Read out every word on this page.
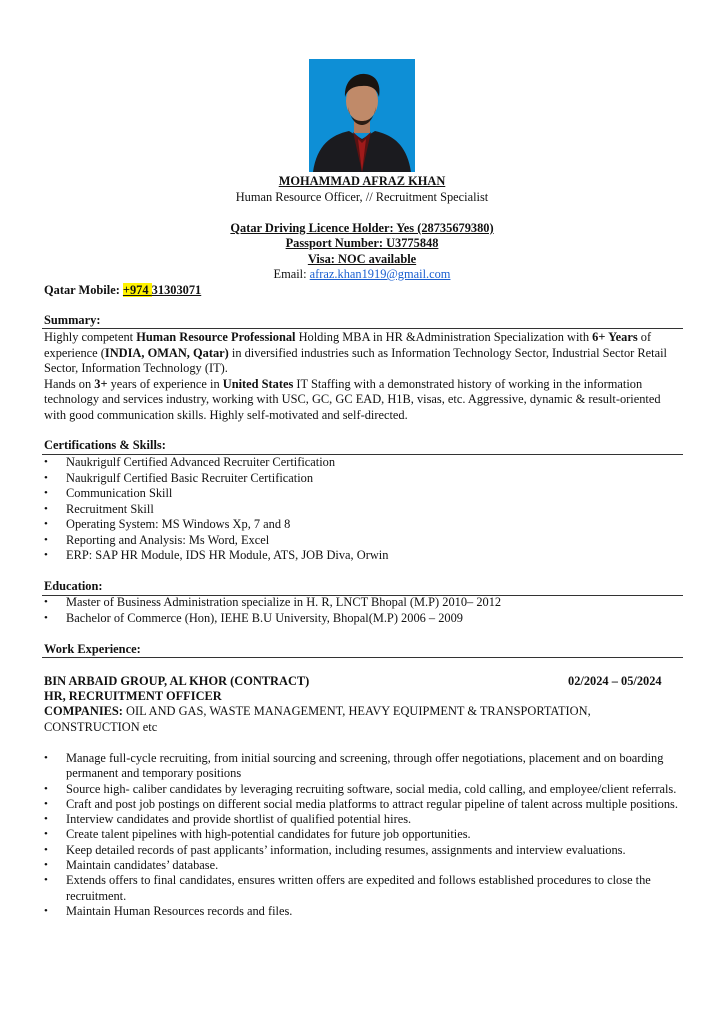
MOHAMMAD AFRAZ KHAN
Human Resource Officer, // Recruitment Specialist
Qatar Driving Licence Holder: Yes (28735679380)
Passport Number: U3775848
Visa: NOC available
Email: afraz.khan1919@gmail.com
Qatar Mobile: +974 31303071
Summary:

Highly competent Human Resource Professional Holding MBA in HR &Administration Specialization with 6+ Years of experience (INDIA, OMAN, Qatar) in diversified industries such as Information Technology Sector, Industrial Sector Retail Sector, Information Technology (IT).

Hands on 3+ years of experience in United States IT Staffing with a demonstrated history of working in the information technology and services industry, working with USC, GC, GC EAD, H1B, visas, etc. Aggressive, dynamic & result-oriented with good communication skills. Highly self-motivated and self-directed.

Certifications & Skills:
• Naukrigulf Certified Advanced Recruiter Certification
• Naukrigulf Certified Basic Recruiter Certification
• Communication Skill
• Recruitment Skill
• Operating System: MS Windows Xp, 7 and 8
• Reporting and Analysis: Ms Word, Excel
• ERP: SAP HR Module, IDS HR Module, ATS, JOB Diva, Orwin
Education:
• Master of Business Administration specialize in H. R, LNCT Bhopal (M.P) 2010– 2012
• Bachelor of Commerce (Hon), IEHE B.U University, Bhopal(M.P) 2006 – 2009
Work Experience:
BIN ARBAID GROUP, AL KHOR (CONTRACT)	02/2024 – 05/2024
HR, RECRUITMENT OFFICER
COMPANIES: OIL AND GAS, WASTE MANAGEMENT, HEAVY EQUIPMENT & TRANSPORTATION, CONSTRUCTION etc
• Manage full-cycle recruiting, from initial sourcing and screening, through offer negotiations, placement and on boarding permanent and temporary positions
• Source high- caliber candidates by leveraging recruiting software, social media, cold calling, and employee/client referrals.
• Craft and post job postings on different social media platforms to attract regular pipeline of talent across multiple positions.
• Interview candidates and provide shortlist of qualified potential hires.
• Create talent pipelines with high-potential candidates for future job opportunities.
• Keep detailed records of past applicants’ information, including resumes, assignments and interview evaluations.
• Maintain candidates’ database.
• Extends offers to final candidates, ensures written offers are expedited and follows established procedures to close the recruitment.
• Maintain Human Resources records and files.
